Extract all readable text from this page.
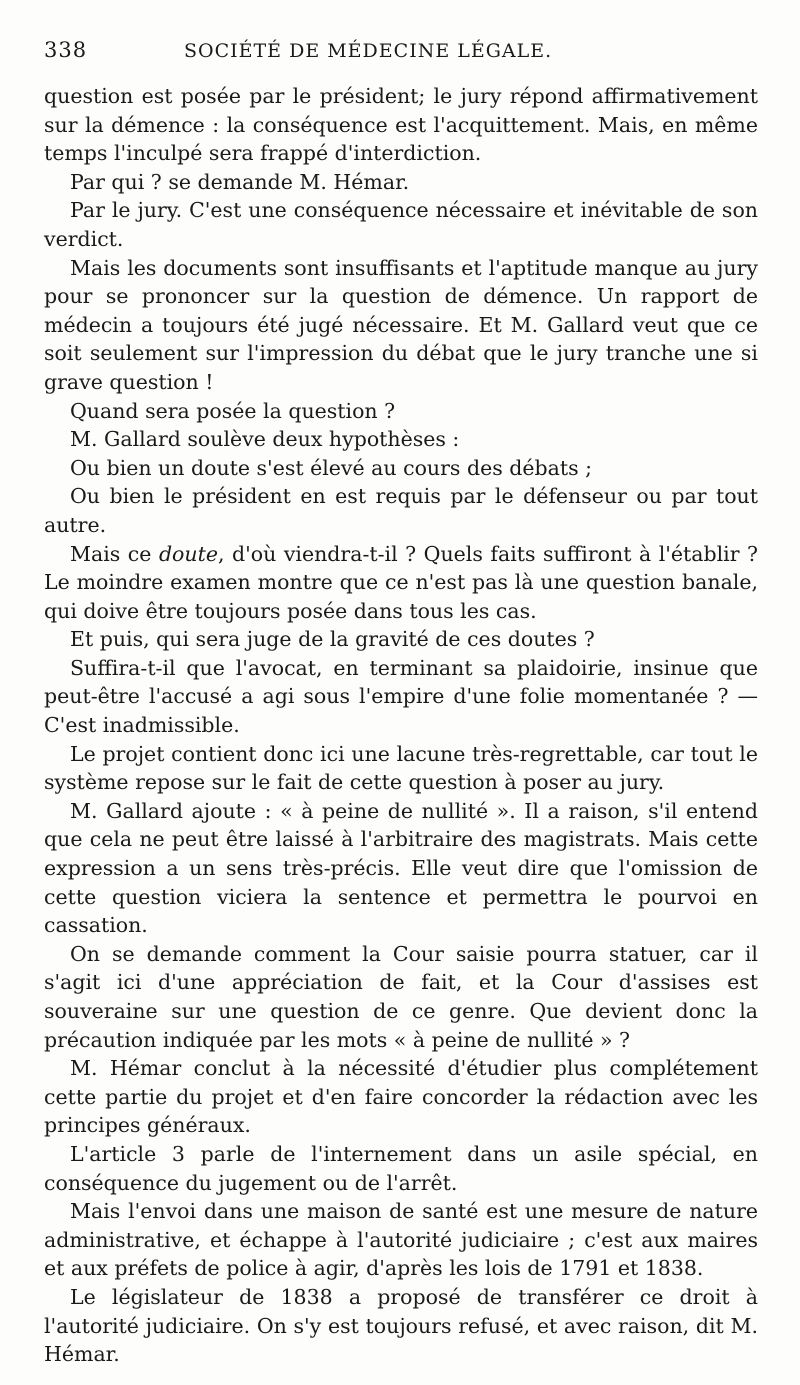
338	SOCIÉTÉ DE MÉDECINE LÉGALE.

question est posée par le président; le jury répond affirmativement sur la démence : la conséquence est l'acquittement. Mais, en même temps l'inculpé sera frappé d'interdiction.

Par qui ? se demande M. Hémar.

Par le jury. C'est une conséquence nécessaire et inévitable de son verdict.

Mais les documents sont insuffisants et l'aptitude manque au jury pour se prononcer sur la question de démence. Un rapport de médecin a toujours été jugé nécessaire. Et M. Gallard veut que ce soit seulement sur l'impression du débat que le jury tranche une si grave question !

Quand sera posée la question ?

M. Gallard soulève deux hypothèses :

Ou bien un doute s'est élevé au cours des débats ;

Ou bien le président en est requis par le défenseur ou par tout autre.

Mais ce doute, d'où viendra-t-il ? Quels faits suffiront à l'établir ? Le moindre examen montre que ce n'est pas là une question banale, qui doive être toujours posée dans tous les cas.

Et puis, qui sera juge de la gravité de ces doutes ?

Suffira-t-il que l'avocat, en terminant sa plaidoirie, insinue que peut-être l'accusé a agi sous l'empire d'une folie momentanée ? — C'est inadmissible.

Le projet contient donc ici une lacune très-regrettable, car tout le système repose sur le fait de cette question à poser au jury.

M. Gallard ajoute : « à peine de nullité ». Il a raison, s'il entend que cela ne peut être laissé à l'arbitraire des magistrats. Mais cette expression a un sens très-précis. Elle veut dire que l'omission de cette question viciera la sentence et permettra le pourvoi en cassation.

On se demande comment la Cour saisie pourra statuer, car il s'agit ici d'une appréciation de fait, et la Cour d'assises est souveraine sur une question de ce genre. Que devient donc la précaution indiquée par les mots « à peine de nullité » ?

M. Hémar conclut à la nécessité d'étudier plus complétement cette partie du projet et d'en faire concorder la rédaction avec les principes généraux.

L'article 3 parle de l'internement dans un asile spécial, en conséquence du jugement ou de l'arrêt.

Mais l'envoi dans une maison de santé est une mesure de nature administrative, et échappe à l'autorité judiciaire ; c'est aux maires et aux préfets de police à agir, d'après les lois de 1791 et 1838.

Le législateur de 1838 a proposé de transférer ce droit à l'autorité judiciaire. On s'y est toujours refusé, et avec raison, dit M. Hémar.
